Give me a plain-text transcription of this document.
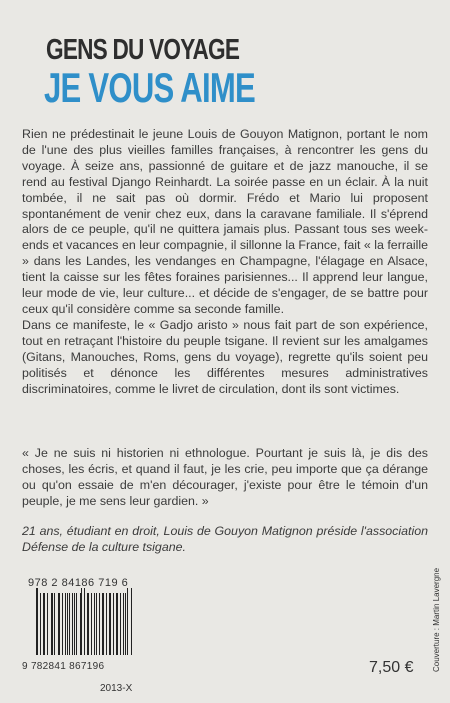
GENS DU VOYAGE
JE VOUS AIME

Rien ne prédestinait le jeune Louis de Gouyon Matignon, portant le nom de l'une des plus vieilles familles françaises, à rencontrer les gens du voyage. À seize ans, passionné de guitare et de jazz manouche, il se rend au festival Django Reinhardt. La soirée passe en un éclair. À la nuit tombée, il ne sait pas où dormir. Frédo et Mario lui proposent spontanément de venir chez eux, dans la caravane familiale. Il s'éprend alors de ce peuple, qu'il ne quittera jamais plus. Passant tous ses week-ends et vacances en leur compagnie, il sillonne la France, fait « la ferraille » dans les Landes, les vendanges en Champagne, l'élagage en Alsace, tient la caisse sur les fêtes foraines parisiennes... Il apprend leur langue, leur mode de vie, leur culture... et décide de s'engager, de se battre pour ceux qu'il considère comme sa seconde famille.

Dans ce manifeste, le « Gadjo aristo » nous fait part de son expérience, tout en retraçant l'histoire du peuple tsigane. Il revient sur les amalgames (Gitans, Manouches, Roms, gens du voyage), regrette qu'ils soient peu politisés et dénonce les différentes mesures administratives discriminatoires, comme le livret de circulation, dont ils sont victimes.

« Je ne suis ni historien ni ethnologue. Pourtant je suis là, je dis des choses, les écris, et quand il faut, je les crie, peu importe que ça dérange ou qu'on essaie de m'en décourager, j'existe pour être le témoin d'un peuple, je me sens leur gardien. »
21 ans, étudiant en droit, Louis de Gouyon Matignon préside l'association Défense de la culture tsigane.
978 2 84186 719 6
9 782841 867196
2013-X
7,50 € Couverture : Martin Lavergne
